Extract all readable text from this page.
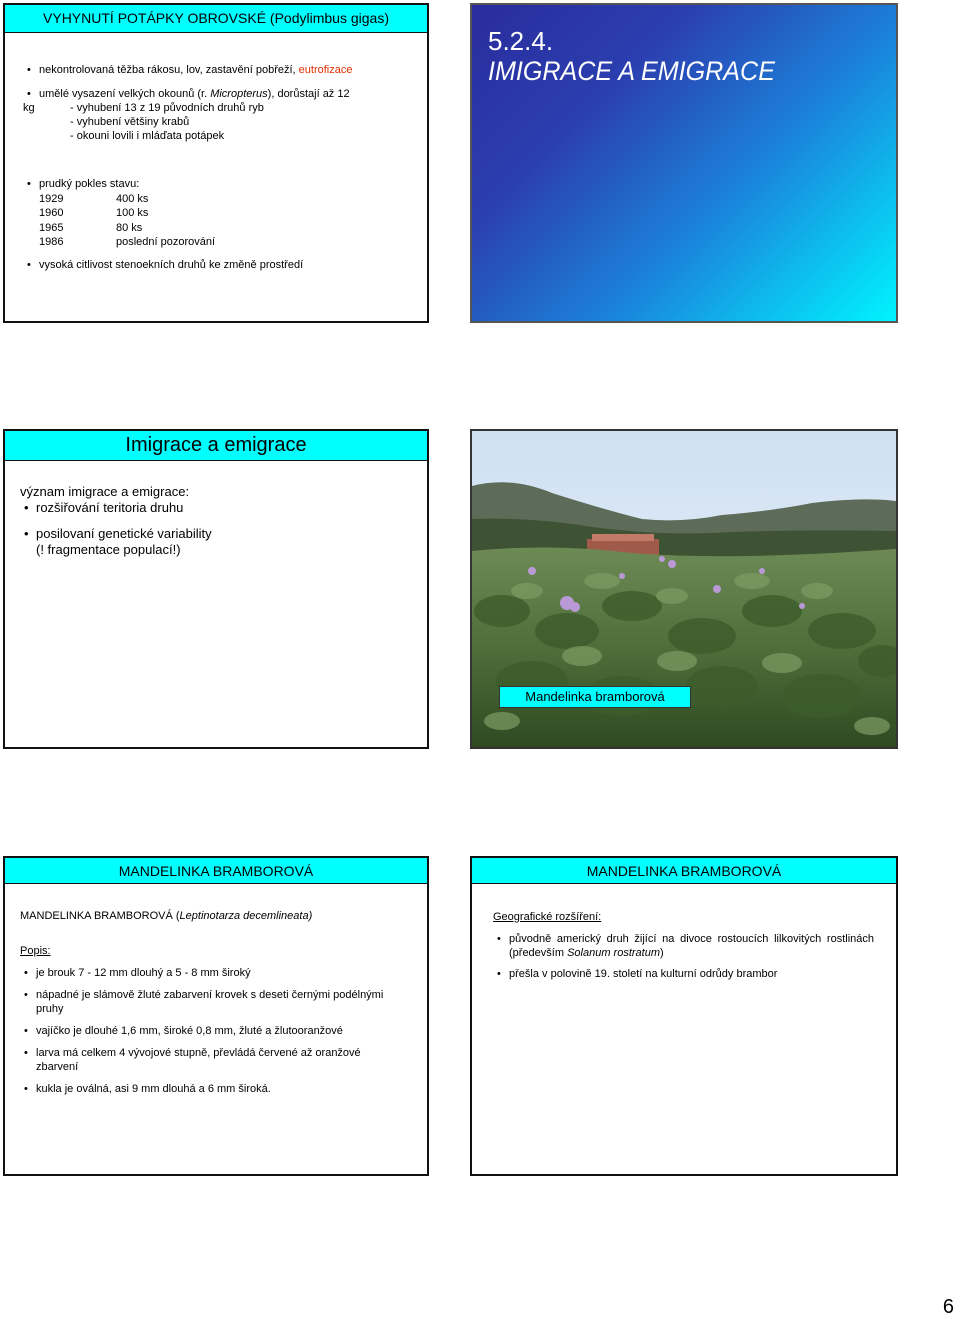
VYHYNUTÍ POTÁPKY OBROVSKÉ (Podylimbus gigas)
• nekontrolovaná těžba rákosu, lov, zastavění pobřeží, eutrofizace
• umělé vysazení velkých okounů (r. Micropterus), dorůstají až 12
kg	- vyhubení 13 z 19 původních druhů ryb
- vyhubení většiny krabů
- okouni lovili i mláďata potápek
• prudký pokles stavu:
1929	400 ks
1960	100 ks
1965	80 ks
1986	poslední pozorování
• vysoká citlivost stenoekních druhů ke změně prostředí
5.2.4.
IMIGRACE A EMIGRACE
Imigrace a emigrace
význam imigrace a emigrace:
• rozšiřování teritoria druhu
• posilovaní genetické variability
(! fragmentace populací!)
Mandelinka bramborová
MANDELINKA BRAMBOROVÁ
MANDELINKA BRAMBOROVÁ (Leptinotarza decemlineata)
Popis:
• je brouk 7 - 12 mm dlouhý a 5 - 8 mm široký
• nápadné je slámově žluté zabarvení krovek s deseti černými podélnými pruhy
• vajíčko je dlouhé 1,6 mm, široké 0,8 mm, žluté a žlutooranžové
• larva má celkem 4 vývojové stupně, převládá červené až oranžové zbarvení
• kukla je oválná, asi 9 mm dlouhá a 6 mm široká.
MANDELINKA BRAMBOROVÁ
Geografické rozšíření:
• původně americký druh žijící na divoce rostoucích lilkovitých rostlinách (především Solanum rostratum)
• přešla v polovině 19. století na kulturní odrůdy brambor
6
